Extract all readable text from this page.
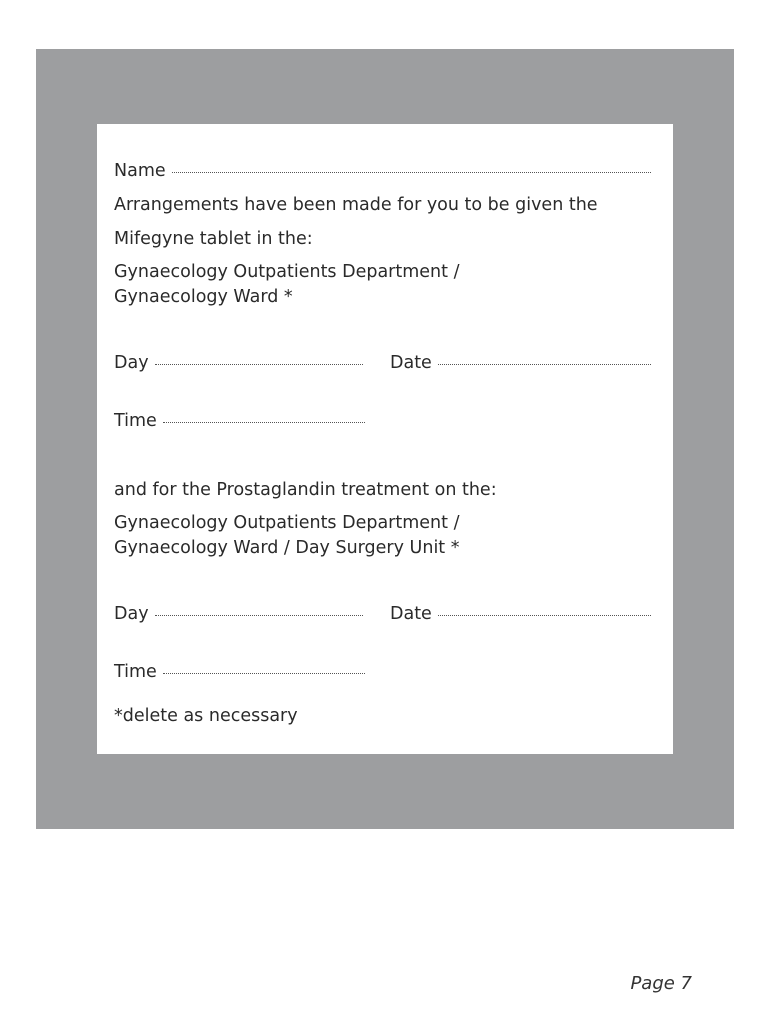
Name
Arrangements have been made for you to be given the
Mifegyne tablet in the:
Gynaecology Outpatients Department /
Gynaecology Ward *
Day	Date
Time
and for the Prostaglandin treatment on the:
Gynaecology Outpatients Department /
Gynaecology Ward / Day Surgery Unit *
Day	Date
Time
*delete as necessary
Page 7
